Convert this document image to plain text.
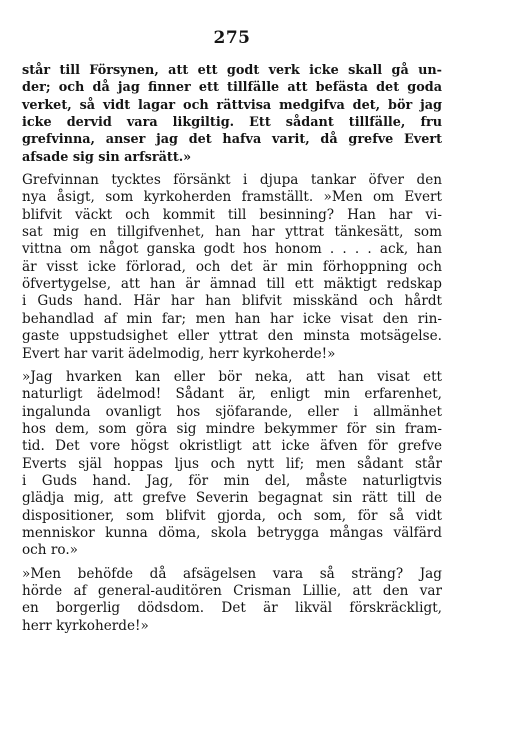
275

står till Försynen, att ett godt verk icke skall gå un-
der; och då jag finner ett tillfälle att befästa det goda
verket, så vidt lagar och rättvisa medgifva det, bör jag
icke dervid vara likgiltig. Ett sådant tillfälle, fru
grefvinna, anser jag det hafva varit, då grefve Evert
afsade sig sin arfsrätt.»

Grefvinnan tycktes försänkt i djupa tankar öfver den
nya åsigt, som kyrkoherden framställt. »Men om Evert
blifvit väckt och kommit till besinning? Han har vi-
sat mig en tillgifvenhet, han har yttrat tänkesätt, som
vittna om något ganska godt hos honom . . . . ack, han
är visst icke förlorad, och det är min förhoppning och
öfvertygelse, att han är ämnad till ett mäktigt redskap
i Guds hand. Här har han blifvit misskänd och hårdt
behandlad af min far; men han har icke visat den rin-
gaste uppstudsighet eller yttrat den minsta motsägelse.
Evert har varit ädelmodig, herr kyrkoherde!»

»Jag hvarken kan eller bör neka, att han visat ett
naturligt ädelmod! Sådant är, enligt min erfarenhet,
ingalunda ovanligt hos sjöfarande, eller i allmänhet
hos dem, som göra sig mindre bekymmer för sin fram-
tid. Det vore högst okristligt att icke äfven för grefve
Everts själ hoppas ljus och nytt lif; men sådant står
i Guds hand. Jag, för min del, måste naturligtvis
glädja mig, att grefve Severin begagnat sin rätt till de
dispositioner, som blifvit gjorda, och som, för så vidt
menniskor kunna döma, skola betrygga mångas välfärd
och ro.»

»Men behöfde då afsägelsen vara så sträng? Jag
hörde af general-auditören Crisman Lillie, att den var
en borgerlig dödsdom. Det är likväl förskräckligt,
herr kyrkoherde!»
